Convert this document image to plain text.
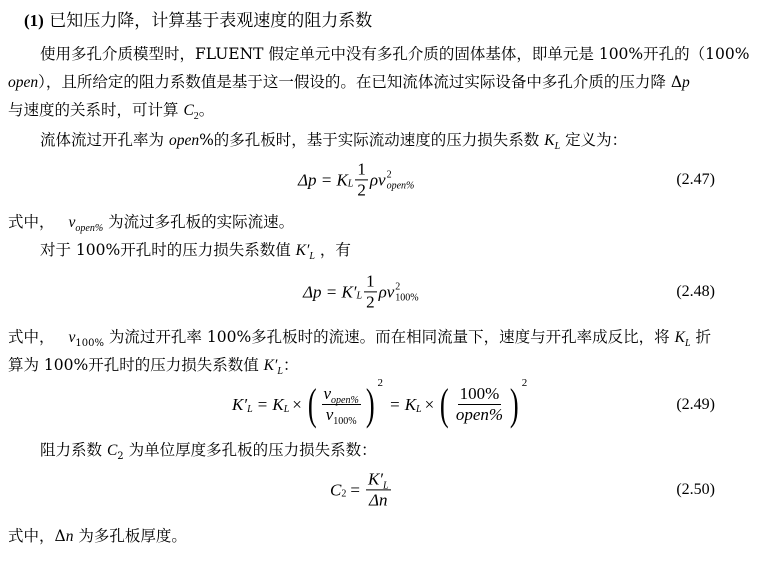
(1) 已知压力降，计算基于表观速度的阻力系数
使用多孔介质模型时，FLUENT 假定单元中没有多孔介质的固体基体，即单元是 100%开孔的（100%
open），且所给定的阻力系数值是基于这一假设的。在已知流体流过实际设备中多孔介质的压力降 Δp
与速度的关系时，可计算 $C_2$。
流体流过开孔率为 open%的多孔板时，基于实际流动速度的压力损失系数 $K_L$ 定义为：
Δp = K L $\frac{1}{2}$ ρv 2
open%	(2.47)
式中， $v_{open\%}$ 为流过多孔板的实际流速。
对于 100%开孔时的压力损失系数值 $K'_L$ ，有
Δp = K′ L $\frac{1}{2}$ ρv 2
100%	(2.48)
式中， $v_{100\%}$ 为流过开孔率 100%多孔板时的流速。而在相同流量下，速度与开孔率成反比，将 $K_L$ 折
算为 100%开孔时的压力损失系数值 $K'_L$：
K′ L = K L × ( $\frac{v_{open\%}}{v_{100\%}}$ ) 2
= K L × ( $\frac{100\%}{\text{open\%}}$ ) 2
(2.49)
阻力系数 $C_2$ 为单位厚度多孔板的压力损失系数：
C $2 = \frac{K'_L}{\Delta n}$	(2.50)
式中，Δn 为多孔板厚度。
